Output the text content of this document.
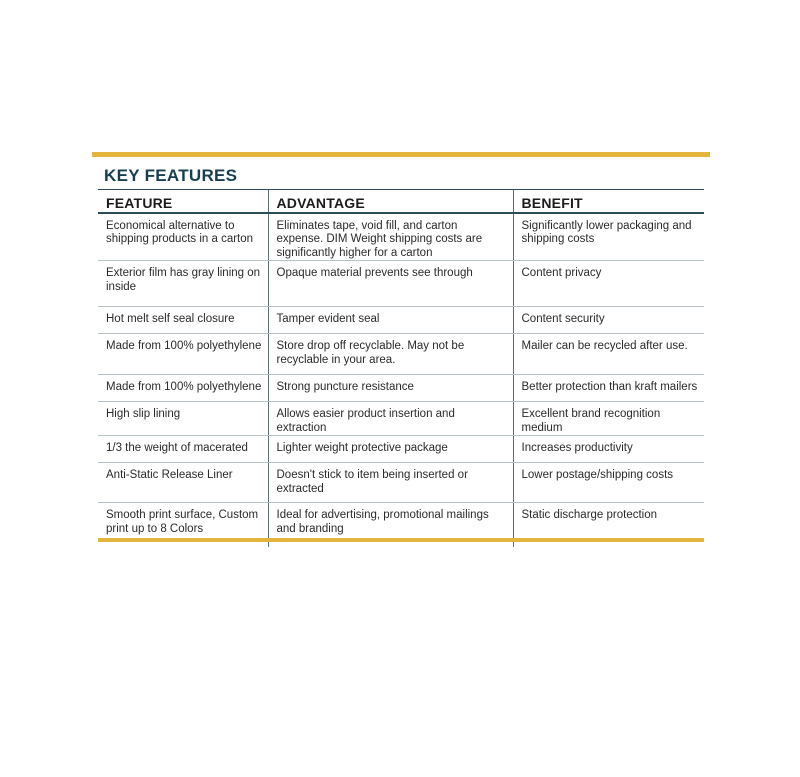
KEY FEATURES
FEATURE	ADVANTAGE	BENEFIT
Economical alternative to shipping products in a carton	Eliminates tape, void fill, and carton expense. DIM Weight shipping costs are significantly higher for a carton	Significantly lower packaging and shipping costs
Exterior film has gray lining on inside	Opaque material prevents see through	Content privacy
Hot melt self seal closure	Tamper evident seal	Content security
Made from 100% polyethylene	Store drop off recyclable. May not be recyclable in your area.	Mailer can be recycled after use.
Made from 100% polyethylene	Strong puncture resistance	Better protection than kraft mailers
High slip lining	Allows easier product insertion and extraction	Excellent brand recognition medium
1/3 the weight of macerated	Lighter weight protective package	Increases productivity
Anti-Static Release Liner	Doesn't stick to item being inserted or extracted	Lower postage/shipping costs
Smooth print surface, Custom print up to 8 Colors	Ideal for advertising, promotional mailings and branding	Static discharge protection
